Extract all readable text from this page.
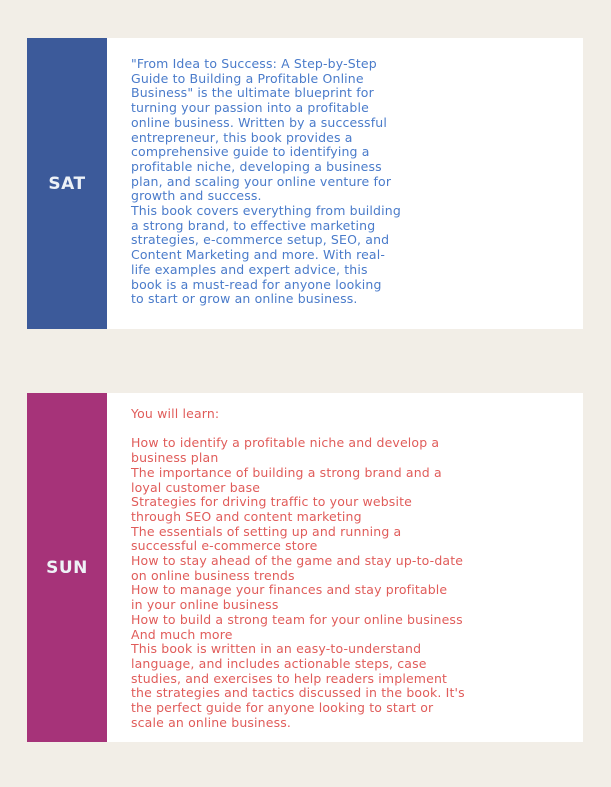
SAT
"From Idea to Success: A Step-by-Step
Guide to Building a Profitable Online
Business" is the ultimate blueprint for
turning your passion into a profitable
online business. Written by a successful
entrepreneur, this book provides a
comprehensive guide to identifying a
profitable niche, developing a business
plan, and scaling your online venture for
growth and success.
This book covers everything from building
a strong brand, to effective marketing
strategies, e-commerce setup, SEO, and
Content Marketing and more. With real-
life examples and expert advice, this
book is a must-read for anyone looking
to start or grow an online business.
SUN
You will learn:

How to identify a profitable niche and develop a
business plan
The importance of building a strong brand and a
loyal customer base
Strategies for driving traffic to your website
through SEO and content marketing
The essentials of setting up and running a
successful e-commerce store
How to stay ahead of the game and stay up-to-date
on online business trends
How to manage your finances and stay profitable
in your online business
How to build a strong team for your online business
And much more
This book is written in an easy-to-understand
language, and includes actionable steps, case
studies, and exercises to help readers implement
the strategies and tactics discussed in the book. It's
the perfect guide for anyone looking to start or
scale an online business.
